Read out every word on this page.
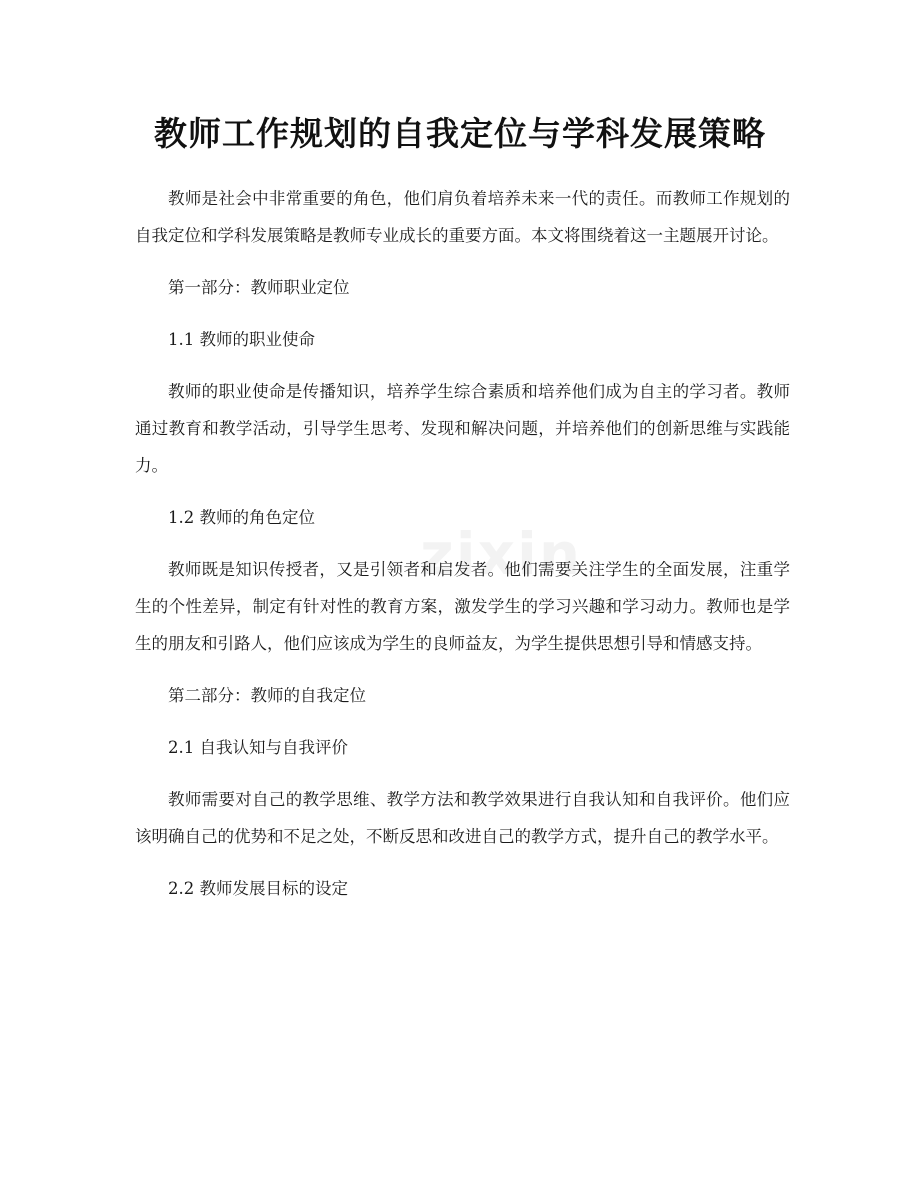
教师工作规划的自我定位与学科发展策略

教师是社会中非常重要的角色，他们肩负着培养未来一代的责任。而教师工作规划的自我定位和学科发展策略是教师专业成长的重要方面。本文将围绕着这一主题展开讨论。

第一部分：教师职业定位

1.1 教师的职业使命

教师的职业使命是传播知识，培养学生综合素质和培养他们成为自主的学习者。教师通过教育和教学活动，引导学生思考、发现和解决问题，并培养他们的创新思维与实践能力。

1.2 教师的角色定位

教师既是知识传授者，又是引领者和启发者。他们需要关注学生的全面发展，注重学生的个性差异，制定有针对性的教育方案，激发学生的学习兴趣和学习动力。教师也是学生的朋友和引路人，他们应该成为学生的良师益友，为学生提供思想引导和情感支持。

第二部分：教师的自我定位

2.1 自我认知与自我评价

教师需要对自己的教学思维、教学方法和教学效果进行自我认知和自我评价。他们应该明确自己的优势和不足之处，不断反思和改进自己的教学方式，提升自己的教学水平。

2.2 教师发展目标的设定
